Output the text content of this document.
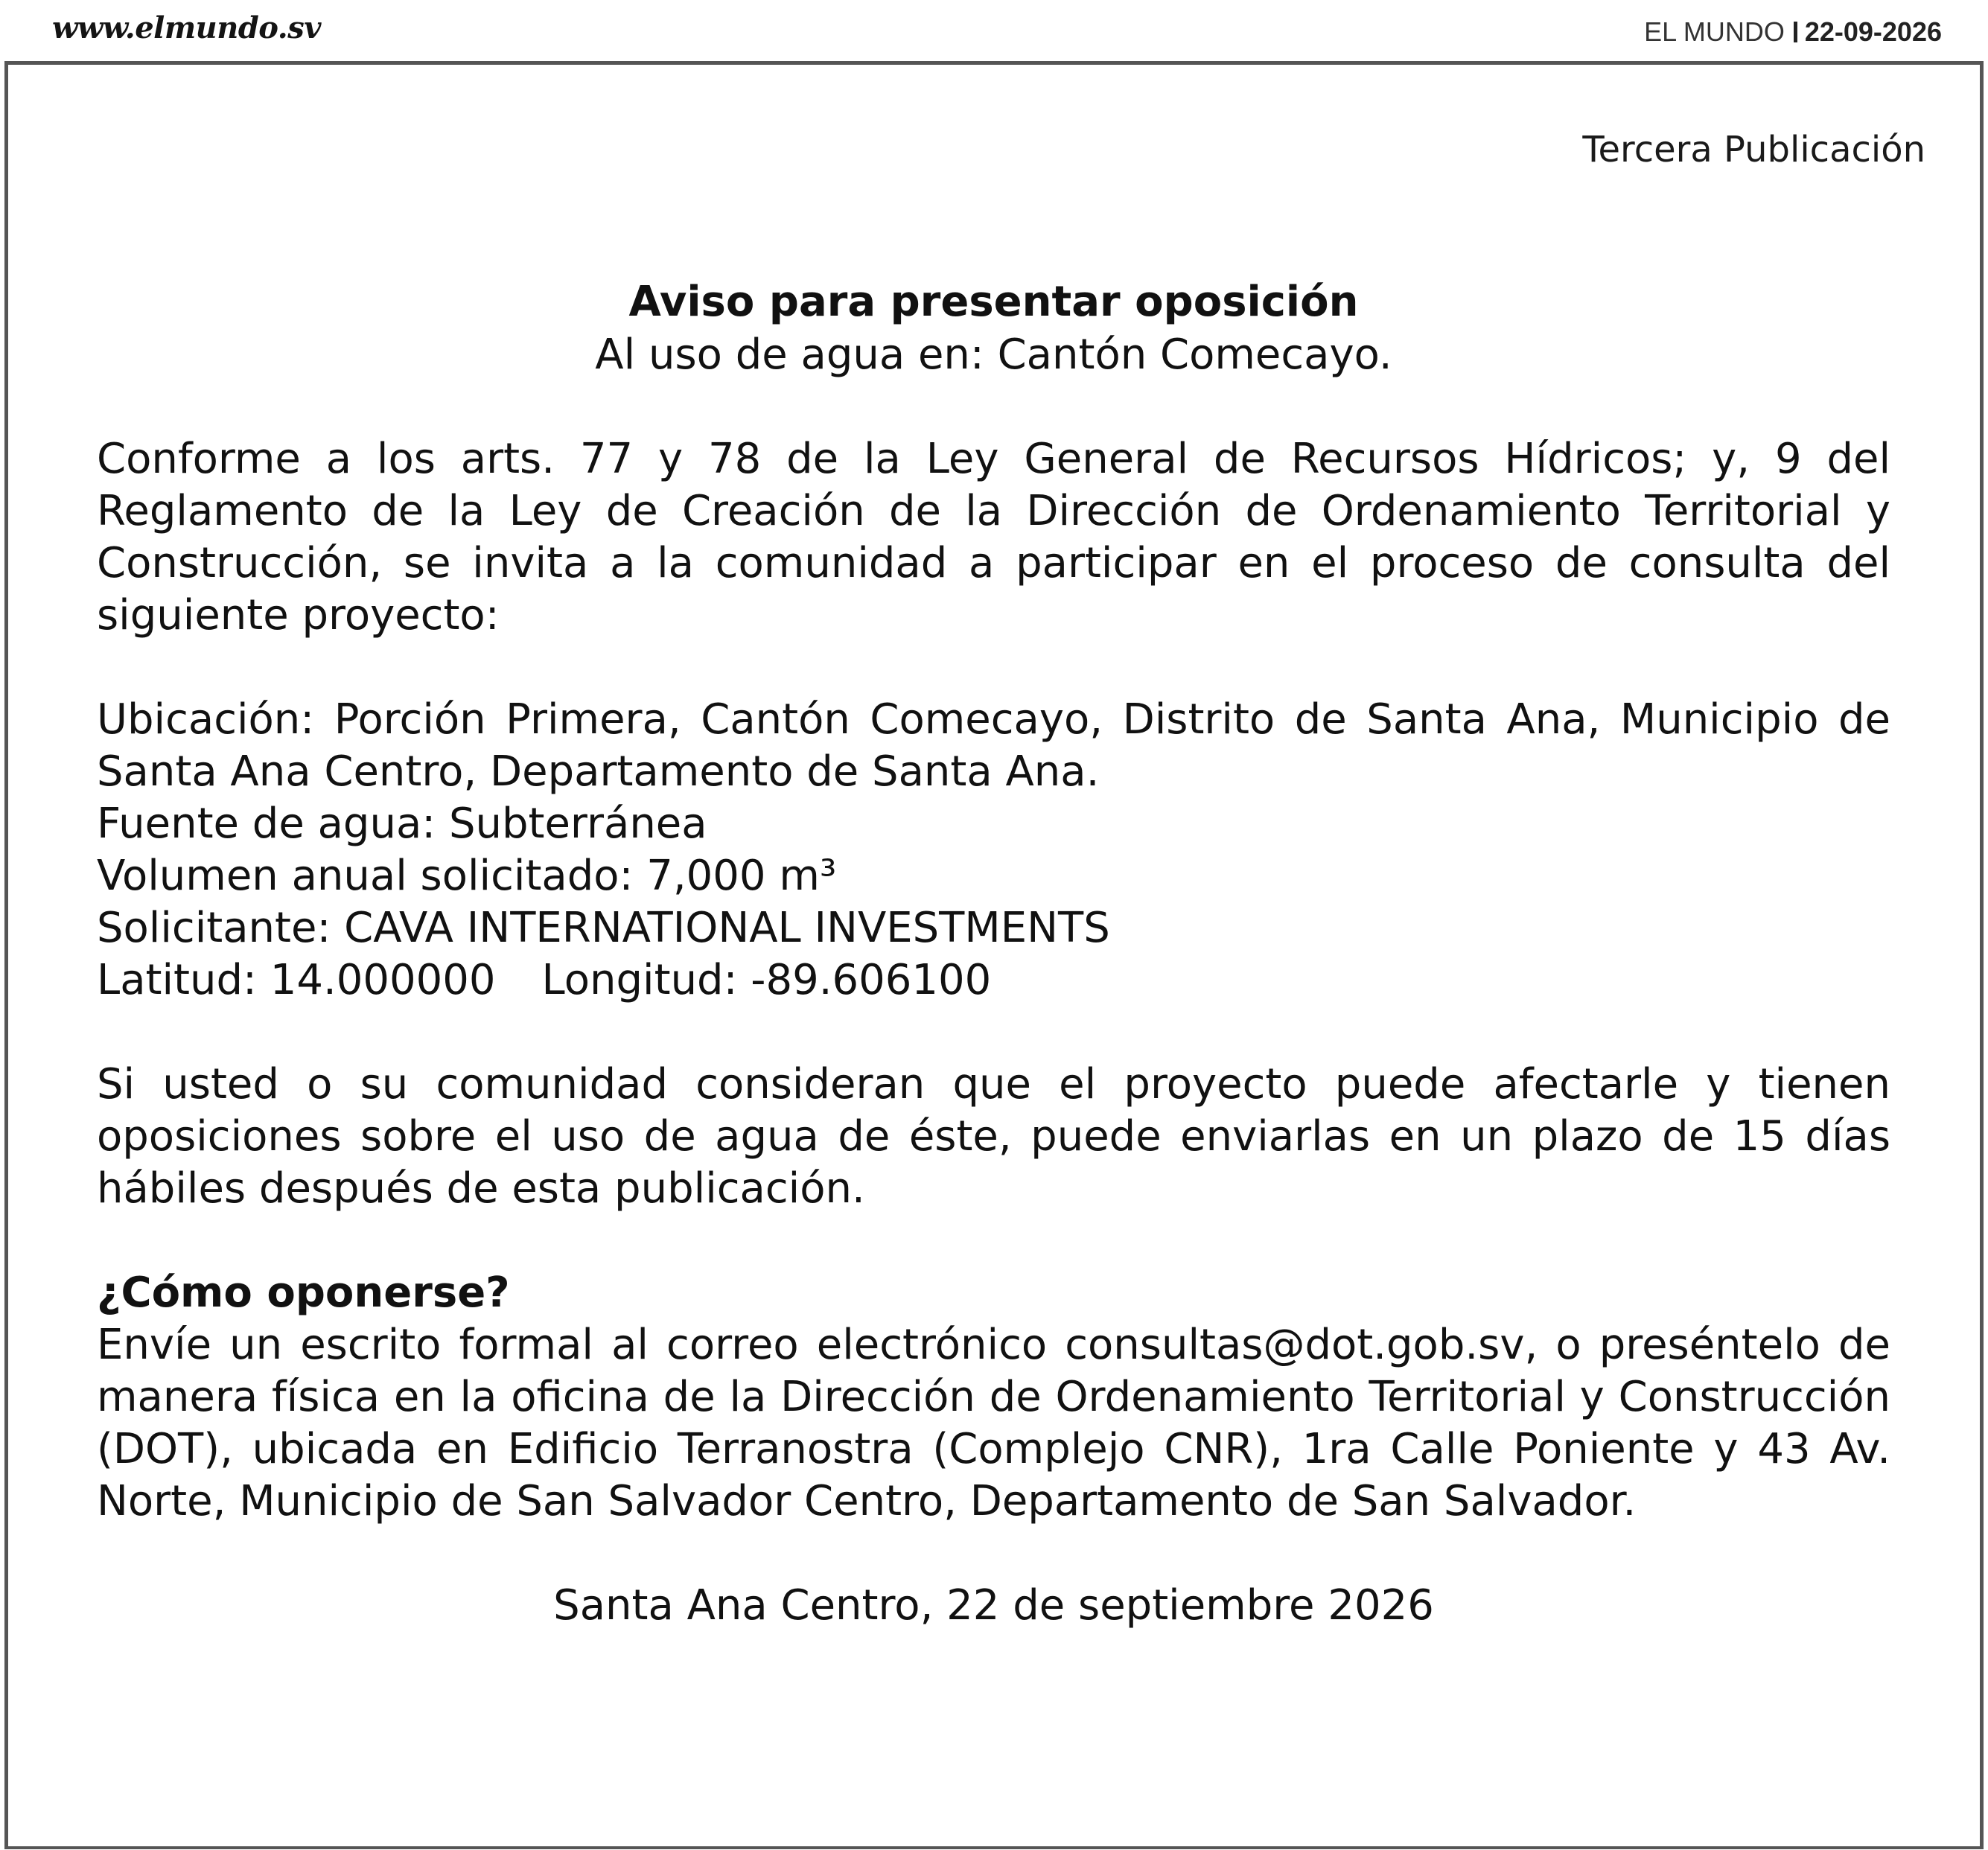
www.elmundo.sv	EL MUNDO 22-09-2026
Tercera Publicación

Aviso para presentar oposición

Al uso de agua en: Cantón Comecayo.

Conforme a los arts. 77 y 78 de la Ley General de Recursos Hídricos; y, 9 del Reglamento de la Ley de Creación de la Dirección de Ordenamiento Territorial y Construcción, se invita a la comunidad a participar en el proceso de consulta del siguiente proyecto:

Ubicación: Porción Primera, Cantón Comecayo, Distrito de Santa Ana, Municipio de Santa Ana Centro, Departamento de Santa Ana.

Fuente de agua: Subterránea

Volumen anual solicitado: 7,000 m³

Solicitante: CAVA INTERNATIONAL INVESTMENTS

Latitud: 14.000000 Longitud: -89.606100

Si usted o su comunidad consideran que el proyecto puede afectarle y tienen oposiciones sobre el uso de agua de éste, puede enviarlas en un plazo de 15 días hábiles después de esta publicación.

¿Cómo oponerse?

Envíe un escrito formal al correo electrónico consultas@dot.gob.sv, o preséntelo de manera física en la oficina de la Dirección de Ordenamiento Territorial y Construcción (DOT), ubicada en Edificio Terranostra (Complejo CNR), 1ra Calle Poniente y 43 Av. Norte, Municipio de San Salvador Centro, Departamento de San Salvador.

Santa Ana Centro, 22 de septiembre 2026
